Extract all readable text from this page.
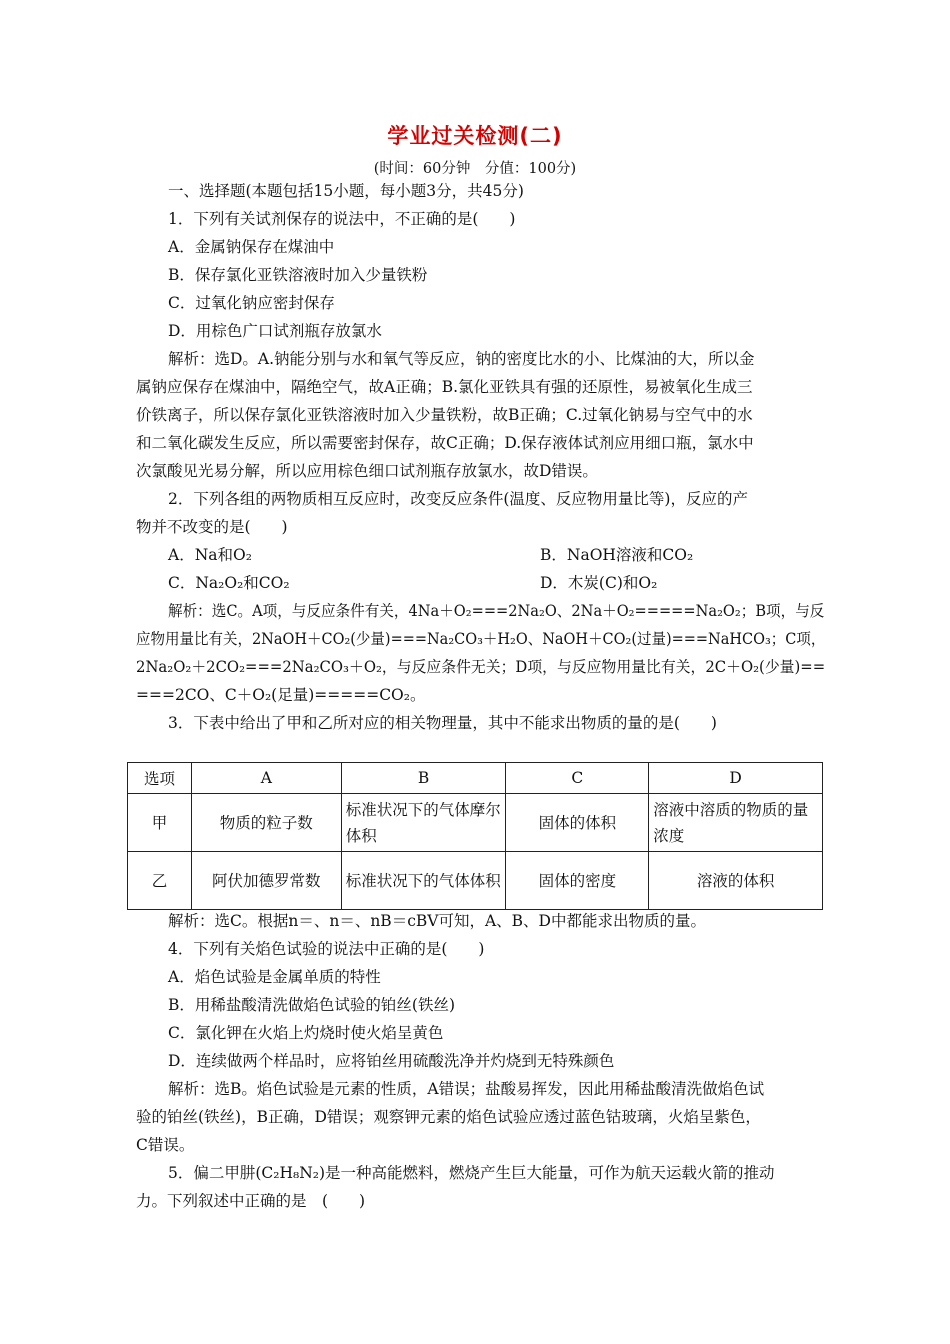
学业过关检测(二)
(时间：60分钟　分值：100分)
一、选择题(本题包括15小题，每小题3分，共45分)
1．下列有关试剂保存的说法中，不正确的是(　　)
A．金属钠保存在煤油中
B．保存氯化亚铁溶液时加入少量铁粉
C．过氧化钠应密封保存
D．用棕色广口试剂瓶存放氯水
解析：选D。A.钠能分别与水和氧气等反应，钠的密度比水的小、比煤油的大，所以金
属钠应保存在煤油中，隔绝空气，故A正确；B.氯化亚铁具有强的还原性，易被氧化生成三
价铁离子，所以保存氯化亚铁溶液时加入少量铁粉，故B正确；C.过氧化钠易与空气中的水
和二氧化碳发生反应，所以需要密封保存，故C正确；D.保存液体试剂应用细口瓶，氯水中
次氯酸见光易分解，所以应用棕色细口试剂瓶存放氯水，故D错误。
2．下列各组的两物质相互反应时，改变反应条件(温度、反应物用量比等)，反应的产
物并不改变的是(　　)
A．Na和O₂	B．NaOH溶液和CO₂
C．Na₂O₂和CO₂	D．木炭(C)和O₂
解析：选C。A项，与反应条件有关，4Na＋O₂===2Na₂O、2Na＋O₂=====Na₂O₂；B项，与反
应物用量比有关，2NaOH＋CO₂(少量)===Na₂CO₃＋H₂O、NaOH＋CO₂(过量)===NaHCO₃；C项，
2Na₂O₂＋2CO₂===2Na₂CO₃＋O₂，与反应条件无关；D项，与反应物用量比有关，2C＋O₂(少量)==
===2CO、C＋O₂(足量)=====CO₂。
3．下表中给出了甲和乙所对应的相关物理量，其中不能求出物质的量的是(　　)
选项	A	B	C	D
甲	物质的粒子数	标准状况下的气体摩尔体积	固体的体积	溶液中溶质的物质的量浓度
乙	阿伏加德罗常数	标准状况下的气体体积	固体的密度	溶液的体积
解析：选C。根据n＝、n＝、nB＝cBV可知，A、B、D中都能求出物质的量。
4．下列有关焰色试验的说法中正确的是(　　)
A．焰色试验是金属单质的特性
B．用稀盐酸清洗做焰色试验的铂丝(铁丝)
C．氯化钾在火焰上灼烧时使火焰呈黄色
D．连续做两个样品时，应将铂丝用硫酸洗净并灼烧到无特殊颜色
解析：选B。焰色试验是元素的性质，A错误；盐酸易挥发，因此用稀盐酸清洗做焰色试
验的铂丝(铁丝)，B正确，D错误；观察钾元素的焰色试验应透过蓝色钴玻璃，火焰呈紫色，
C错误。
5．偏二甲肼(C₂H₈N₂)是一种高能燃料，燃烧产生巨大能量，可作为航天运载火箭的推动
力。下列叙述中正确的是　(　　)
